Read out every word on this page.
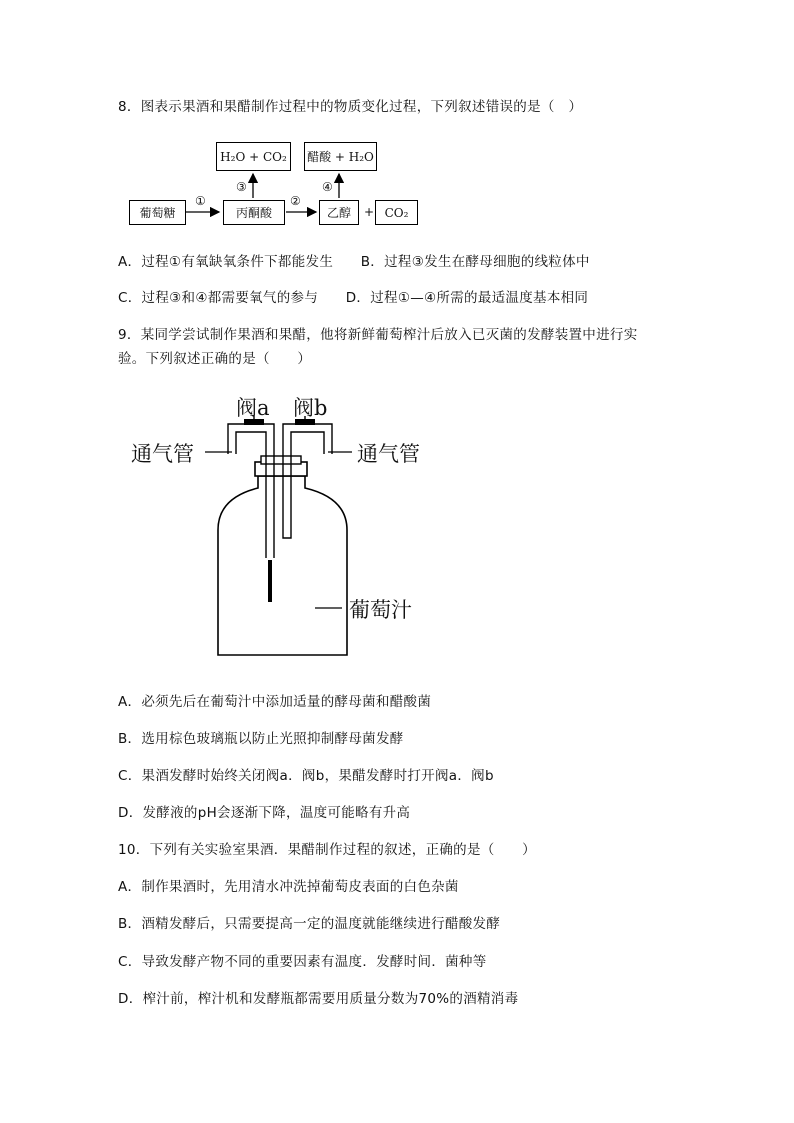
8．图表示果酒和果醋制作过程中的物质变化过程，下列叙述错误的是（　）
H₂O + CO₂	醋酸 + H₂O
葡萄糖	丙酮酸	乙醇	+ CO₂
①	②
③	④
A．过程①有氧缺氧条件下都能发生　　B．过程③发生在酵母细胞的线粒体中
C．过程③和④都需要氧气的参与　　D．过程①—④所需的最适温度基本相同
9．某同学尝试制作果酒和果醋，他将新鲜葡萄榨汁后放入已灭菌的发酵装置中进行实
验。下列叙述正确的是（　　）
阀a 阀b
通气管	通气管
葡萄汁
A．必须先后在葡萄汁中添加适量的酵母菌和醋酸菌
B．选用棕色玻璃瓶以防止光照抑制酵母菌发酵
C．果酒发酵时始终关闭阀a．阀b，果醋发酵时打开阀a．阀b
D．发酵液的pH会逐渐下降，温度可能略有升高
10．下列有关实验室果酒．果醋制作过程的叙述，正确的是（　　）
A．制作果酒时，先用清水冲洗掉葡萄皮表面的白色杂菌
B．酒精发酵后，只需要提高一定的温度就能继续进行醋酸发酵
C．导致发酵产物不同的重要因素有温度．发酵时间．菌种等
D．榨汁前，榨汁机和发酵瓶都需要用质量分数为70%的酒精消毒
